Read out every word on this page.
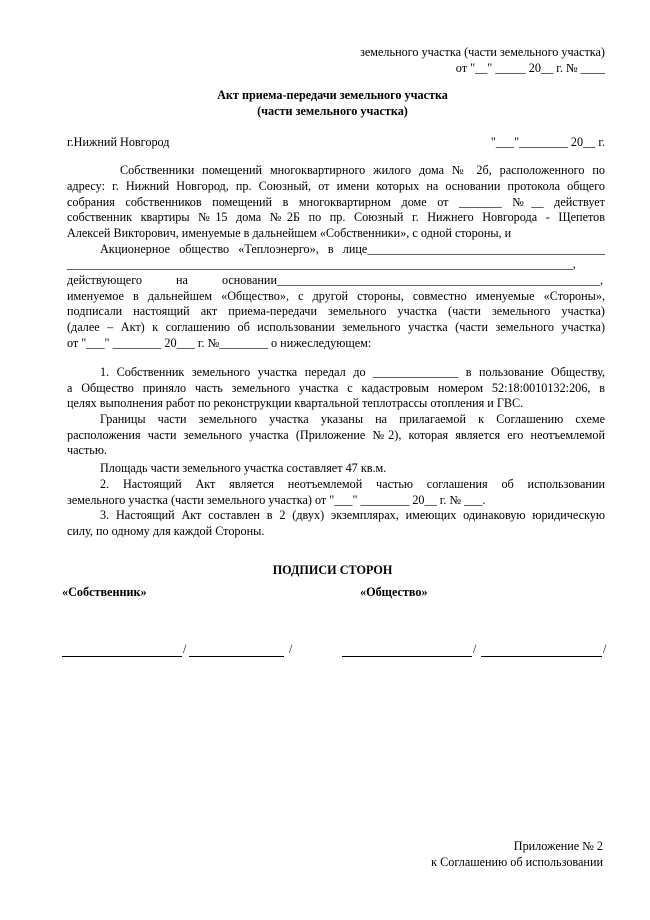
земельного участка (части земельного участка)
от "__" _____ 20__ г. № ____
Акт приема-передачи земельного участка
(части земельного участка)
г.Нижний Новгород	"___"________ 20__ г.
Собственники помещений многоквартирного жилого дома № 2б, расположенного по
адресу: г. Нижний Новгород, пр. Союзный, от имени которых на основании протокола общего
собрания собственников помещений в многоквартирном доме от _______ №__ действует
собственник квартиры №15 дома №2Б по пр. Союзный г. Нижнего Новгорода - Щепетов
Алексей Викторович, именуемые в дальнейшем «Собственники», с одной стороны, и
Акционерное общество «Теплоэнерго», в лице_______________________________________
___________________________________________________________________________________,
действующего на основании_____________________________________________________,
именуемое в дальнейшем «Общество», с другой стороны, совместно именуемые «Стороны»,
подписали настоящий акт приема-передачи земельного участка (части земельного участка)
(далее – Акт) к соглашению об использовании земельного участка (части земельного участка)
от "___" ________ 20___ г. №________ о нижеследующем:
1. Собственник земельного участка передал до ______________ в пользование Обществу,
а Общество приняло часть земельного участка с кадастровым номером 52:18:0010132:206, в
целях выполнения работ по реконструкции квартальной теплотрассы отопления и ГВС.
Границы части земельного участка указаны на прилагаемой к Соглашению схеме
расположения части земельного участка (Приложение №2), которая является его неотъемлемой
частью.
Площадь части земельного участка составляет 47 кв.м.
2. Настоящий Акт является неотъемлемой частью соглашения об использовании
земельного участка (части земельного участка) от "___" ________ 20__ г. № ___.
3. Настоящий Акт составлен в 2 (двух) экземплярах, имеющих одинаковую юридическую
силу, по одному для каждой Стороны.
ПОДПИСИ СТОРОН
«Собственник»	«Общество»
/	/	/	/
Приложение № 2
к Соглашению об использовании
